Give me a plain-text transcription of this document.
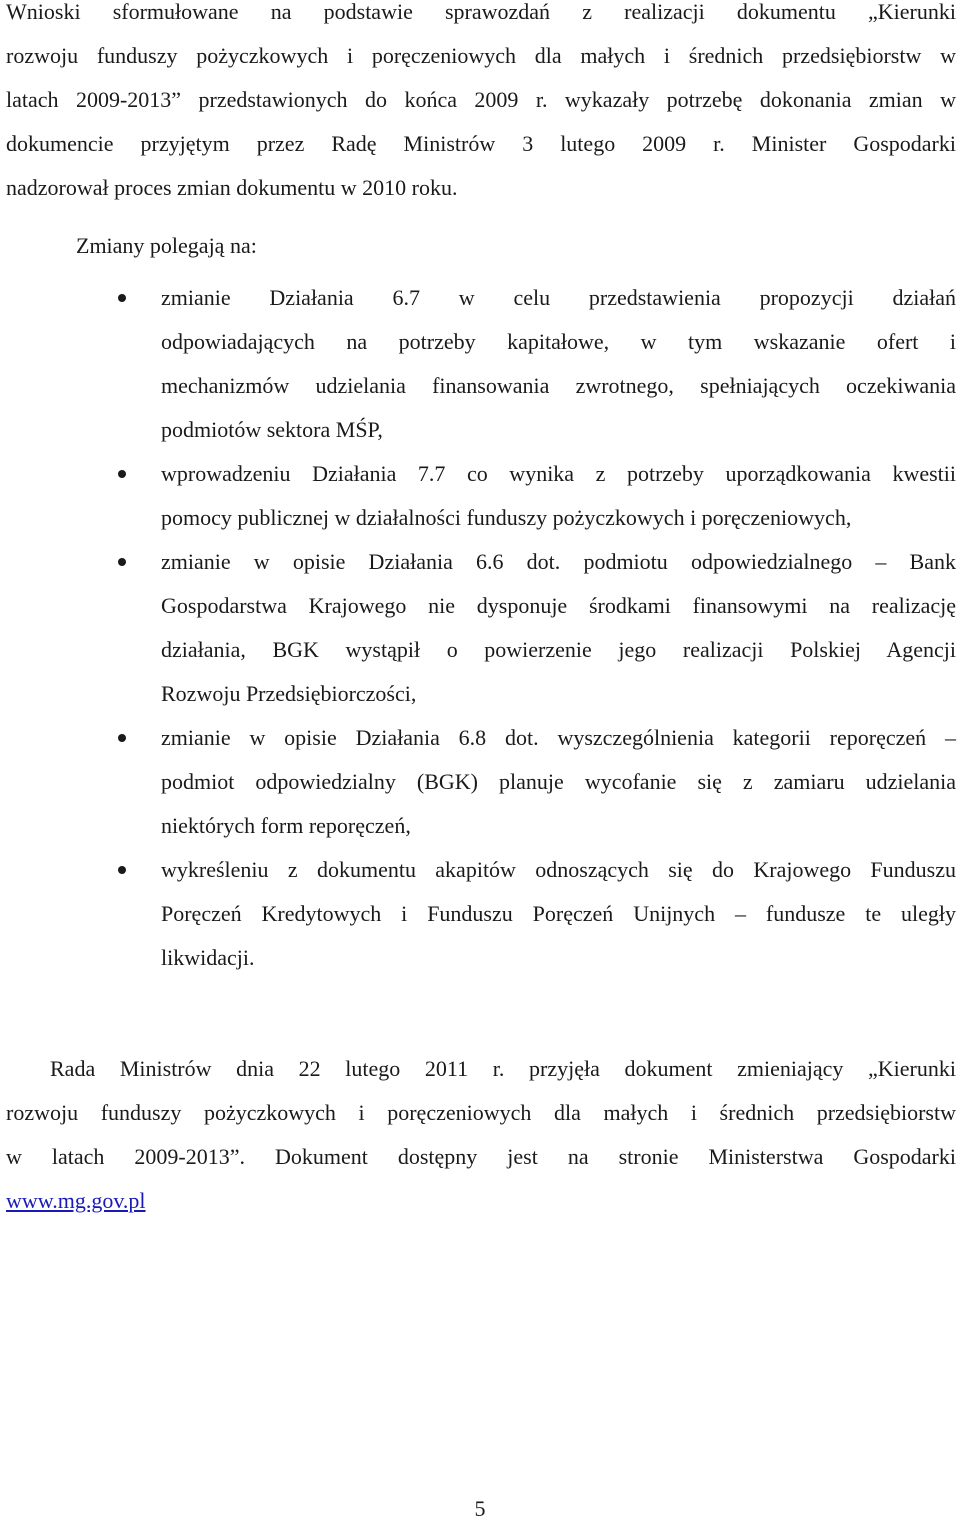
Wnioski sformułowane na podstawie sprawozdań z realizacji dokumentu „Kierunki
rozwoju funduszy pożyczkowych i poręczeniowych dla małych i średnich przedsiębiorstw w
latach 2009-2013” przedstawionych do końca 2009 r. wykazały potrzebę dokonania zmian w
dokumencie przyjętym przez Radę Ministrów 3 lutego 2009 r. Minister Gospodarki
nadzorował proces zmian dokumentu w 2010 roku.

Zmiany polegają na:
zmianie Działania 6.7 w celu przedstawienia propozycji działań
odpowiadających na potrzeby kapitałowe, w tym wskazanie ofert i
mechanizmów udzielania finansowania zwrotnego, spełniających oczekiwania
podmiotów sektora MŚP,
wprowadzeniu Działania 7.7 co wynika z potrzeby uporządkowania kwestii
pomocy publicznej w działalności funduszy pożyczkowych i poręczeniowych,
zmianie w opisie Działania 6.6 dot. podmiotu odpowiedzialnego – Bank
Gospodarstwa Krajowego nie dysponuje środkami finansowymi na realizację
działania, BGK wystąpił o powierzenie jego realizacji Polskiej Agencji
Rozwoju Przedsiębiorczości,
zmianie w opisie Działania 6.8 dot. wyszczególnienia kategorii reporęczeń –
podmiot odpowiedzialny (BGK) planuje wycofanie się z zamiaru udzielania
niektórych form reporęczeń,
wykreśleniu z dokumentu akapitów odnoszących się do Krajowego Funduszu
Poręczeń Kredytowych i Funduszu Poręczeń Unijnych – fundusze te uległy
likwidacji.

Rada Ministrów dnia 22 lutego 2011 r. przyjęła dokument zmieniający „Kierunki
rozwoju funduszy pożyczkowych i poręczeniowych dla małych i średnich przedsiębiorstw
w latach 2009-2013”. Dokument dostępny jest na stronie Ministerstwa Gospodarki
www.mg.gov.pl

5
